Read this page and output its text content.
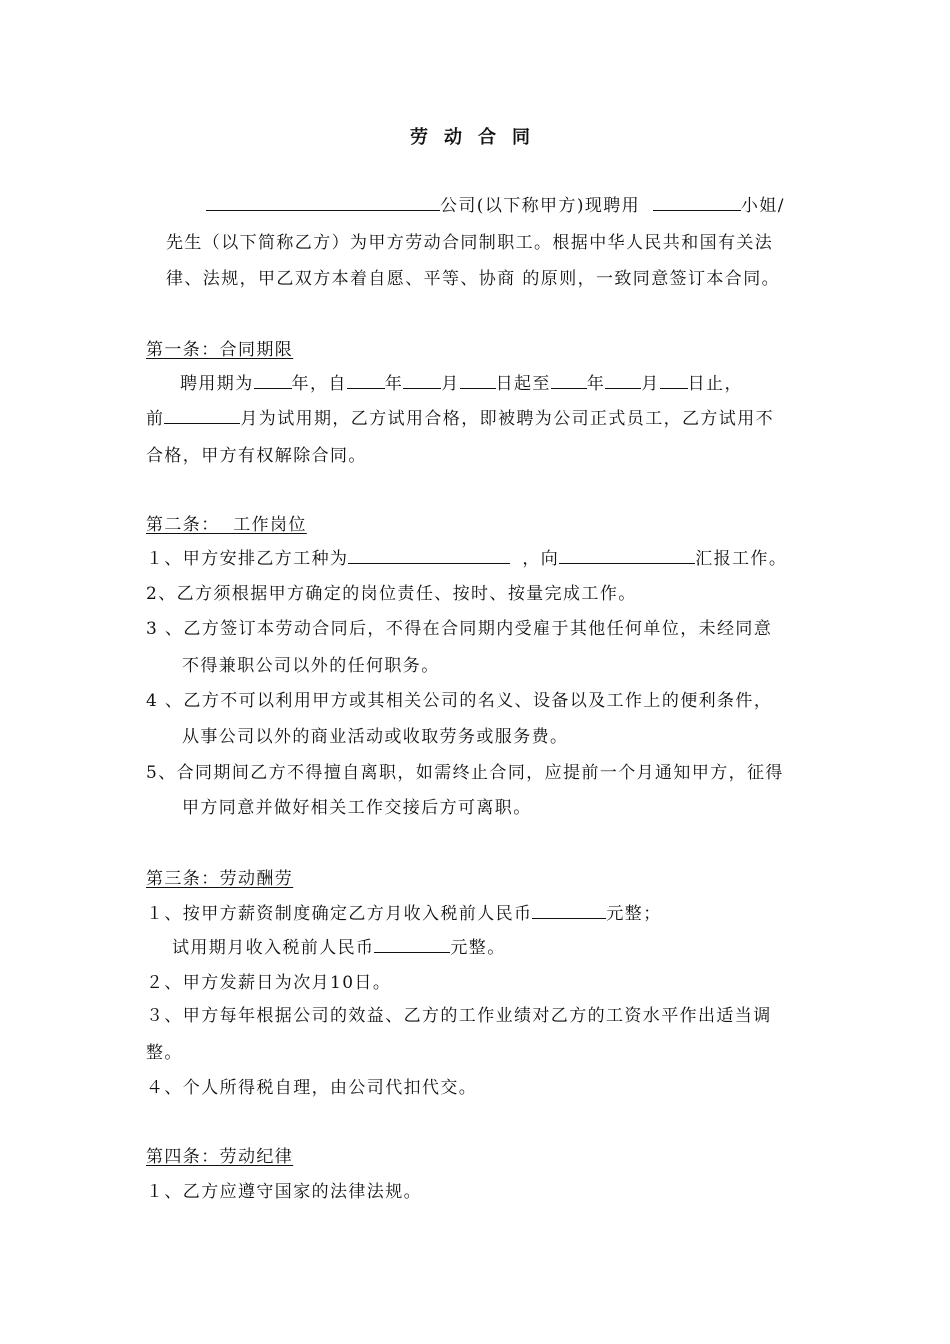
劳 动 合 同
公司(以下称甲方)现聘用	小姐/
先生（以下简称乙方）为甲方劳动合同制职工。根据中华人民共和国有关法
律、法规，甲乙双方本着自愿、平等、协商 的原则，一致同意签订本合同。
第一条：合同期限
聘用期为 年，自 年 月 日起至 年 月 日止，
前	月为试用期，乙方试用合格，即被聘为公司正式员工，乙方试用不
合格，甲方有权解除合同。
第二条：  工作岗位
１、甲方安排乙方工种为	，向	汇报工作。
2、乙方须根据甲方确定的岗位责任、按时、按量完成工作。
3 、乙方签订本劳动合同后，不得在合同期内受雇于其他任何单位，未经同意
不得兼职公司以外的任何职务。
4 、乙方不可以利用甲方或其相关公司的名义、设备以及工作上的便利条件，
从事公司以外的商业活动或收取劳务或服务费。
5、合同期间乙方不得擅自离职，如需终止合同，应提前一个月通知甲方，征得
甲方同意并做好相关工作交接后方可离职。
第三条：劳动酬劳
１、按甲方薪资制度确定乙方月收入税前人民币	元整；
试用期月收入税前人民币	元整。
２、甲方发薪日为次月10日。
３、甲方每年根据公司的效益、乙方的工作业绩对乙方的工资水平作出适当调
整。
４、个人所得税自理，由公司代扣代交。
第四条：劳动纪律
１、乙方应遵守国家的法律法规。
